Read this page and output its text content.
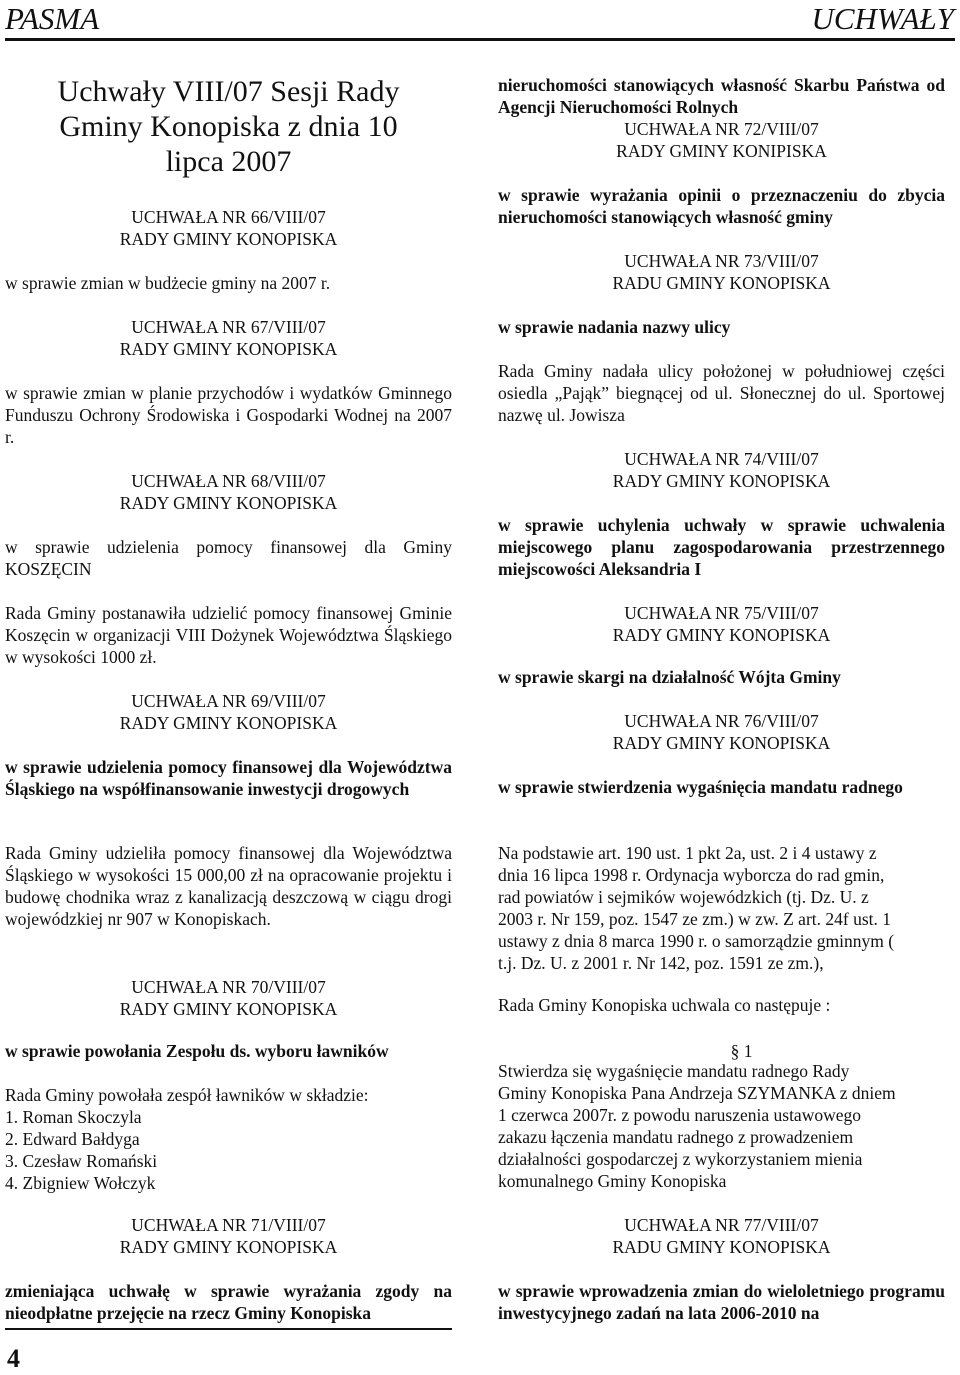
PASMA	UCHWAŁY
Uchwały VIII/07 Sesji Rady
Gminy Konopiska z dnia 10
lipca 2007
UCHWAŁA NR 66/VIII/07
RADY GMINY KONOPISKA
w sprawie zmian w budżecie gminy na 2007 r.
UCHWAŁA NR 67/VIII/07
RADY GMINY KONOPISKA
w sprawie zmian w planie przychodów i wydatków Gminnego Funduszu Ochrony Środowiska i Gospodarki Wodnej na 2007 r.
UCHWAŁA NR 68/VIII/07
RADY GMINY KONOPISKA
w sprawie udzielenia pomocy finansowej dla Gminy KOSZĘCIN
Rada Gminy postanawiła udzielić pomocy finansowej Gminie Koszęcin w organizacji VIII Dożynek Województwa Śląskiego w wysokości 1000 zł.
UCHWAŁA NR 69/VIII/07
RADY GMINY KONOPISKA
w sprawie udzielenia pomocy finansowej dla Województwa Śląskiego na współfinansowanie inwestycji drogowych
Rada Gminy udzieliła pomocy finansowej dla Województwa Śląskiego w wysokości 15 000,00 zł na opracowanie projektu i budowę chodnika wraz z kanalizacją deszczową w ciągu drogi wojewódzkiej nr 907 w Konopiskach.
UCHWAŁA NR 70/VIII/07
RADY GMINY KONOPISKA
w sprawie powołania Zespołu ds. wyboru ławników
Rada Gminy powołała zespół ławników w składzie:
1. Roman Skoczyla
2. Edward Bałdyga
3. Czesław Romański
4. Zbigniew Wołczyk
UCHWAŁA NR 71/VIII/07
RADY GMINY KONOPISKA
zmieniająca uchwałę w sprawie wyrażania zgody na nieodpłatne przejęcie na rzecz Gminy Konopiska
nieruchomości stanowiących własność Skarbu Państwa od Agencji Nieruchomości Rolnych
UCHWAŁA NR 72/VIII/07
RADY GMINY KONIPISKA
w sprawie wyrażania opinii o przeznaczeniu do zbycia nieruchomości stanowiących własność gminy
UCHWAŁA NR 73/VIII/07
RADU GMINY KONOPISKA
w sprawie nadania nazwy ulicy
Rada Gminy nadała ulicy położonej w południowej części osiedla „Pająk” biegnącej od ul. Słonecznej do ul. Sportowej nazwę ul. Jowisza
UCHWAŁA NR 74/VIII/07
RADY GMINY KONOPISKA
w sprawie uchylenia uchwały w sprawie uchwalenia miejscowego planu zagospodarowania przestrzennego miejscowości Aleksandria I
UCHWAŁA NR 75/VIII/07
RADY GMINY KONOPISKA
w sprawie skargi na działalność Wójta Gminy
UCHWAŁA NR 76/VIII/07
RADY GMINY KONOPISKA
w sprawie stwierdzenia wygaśnięcia mandatu radnego
Na podstawie art. 190 ust. 1 pkt 2a, ust. 2 i 4 ustawy z
dnia 16 lipca 1998 r. Ordynacja wyborcza do rad gmin,
rad powiatów i sejmików wojewódzkich (tj. Dz. U. z
2003 r. Nr 159, poz. 1547 ze zm.) w zw. Z art. 24f ust. 1
ustawy z dnia 8 marca 1990 r. o samorządzie gminnym (
t.j. Dz. U. z 2001 r. Nr 142, poz. 1591 ze zm.),
Rada Gminy Konopiska uchwala co następuje :
§ 1
Stwierdza się wygaśnięcie mandatu radnego Rady
Gminy Konopiska Pana Andrzeja SZYMANKA z dniem
1 czerwca 2007r. z powodu naruszenia ustawowego
zakazu łączenia mandatu radnego z prowadzeniem
działalności gospodarczej z wykorzystaniem mienia
komunalnego Gminy Konopiska
UCHWAŁA NR 77/VIII/07
RADU GMINY KONOPISKA
w sprawie wprowadzenia zmian do wieloletniego programu inwestycyjnego zadań na lata 2006-2010 na
4
